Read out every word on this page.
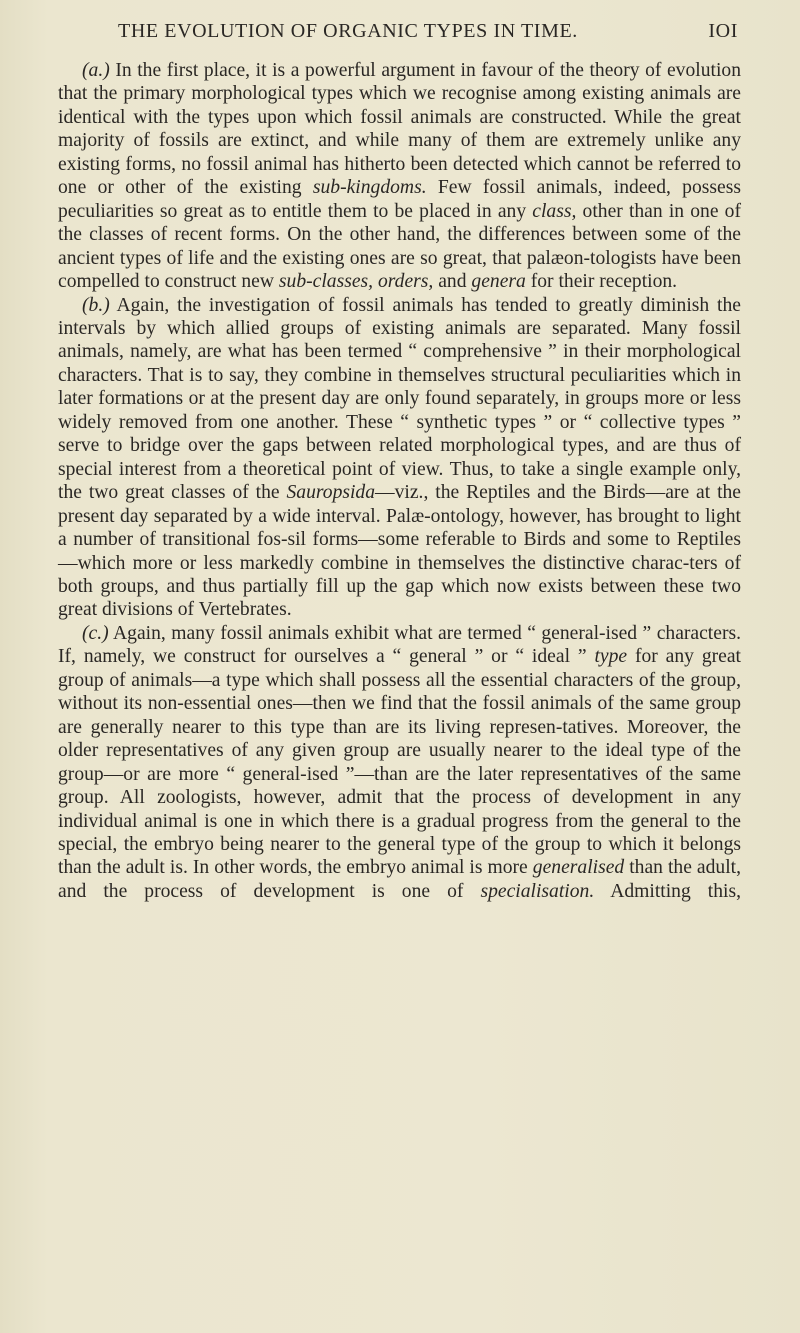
THE EVOLUTION OF ORGANIC TYPES IN TIME.	IOI

(a.) In the first place, it is a powerful argument in favour of the theory of evolution that the primary morphological types which we recognise among existing animals are identical with the types upon which fossil animals are constructed. While the great majority of fossils are extinct, and while many of them are extremely unlike any existing forms, no fossil animal has hitherto been detected which cannot be referred to one or other of the existing sub-kingdoms. Few fossil animals, indeed, possess peculiarities so great as to entitle them to be placed in any class, other than in one of the classes of recent forms. On the other hand, the differences between some of the ancient types of life and the existing ones are so great, that palæon-tologists have been compelled to construct new sub-classes, orders, and genera for their reception.

(b.) Again, the investigation of fossil animals has tended to greatly diminish the intervals by which allied groups of existing animals are separated. Many fossil animals, namely, are what has been termed “ comprehensive ” in their morphological characters. That is to say, they combine in themselves structural peculiarities which in later formations or at the present day are only found separately, in groups more or less widely removed from one another. These “ synthetic types ” or “ collective types ” serve to bridge over the gaps between related morphological types, and are thus of special interest from a theoretical point of view. Thus, to take a single example only, the two great classes of the Sauropsida—viz., the Reptiles and the Birds—are at the present day separated by a wide interval. Palæ-ontology, however, has brought to light a number of transitional fos-sil forms—some referable to Birds and some to Reptiles—which more or less markedly combine in themselves the distinctive charac-ters of both groups, and thus partially fill up the gap which now exists between these two great divisions of Vertebrates.

(c.) Again, many fossil animals exhibit what are termed “ general-ised ” characters. If, namely, we construct for ourselves a “ general ” or “ ideal ” type for any great group of animals—a type which shall possess all the essential characters of the group, without its non-essential ones—then we find that the fossil animals of the same group are generally nearer to this type than are its living represen-tatives. Moreover, the older representatives of any given group are usually nearer to the ideal type of the group—or are more “ general-ised ”—than are the later representatives of the same group. All zoologists, however, admit that the process of development in any individual animal is one in which there is a gradual progress from the general to the special, the embryo being nearer to the general type of the group to which it belongs than the adult is. In other words, the embryo animal is more generalised than the adult, and the process of development is one of specialisation. Admitting this,
